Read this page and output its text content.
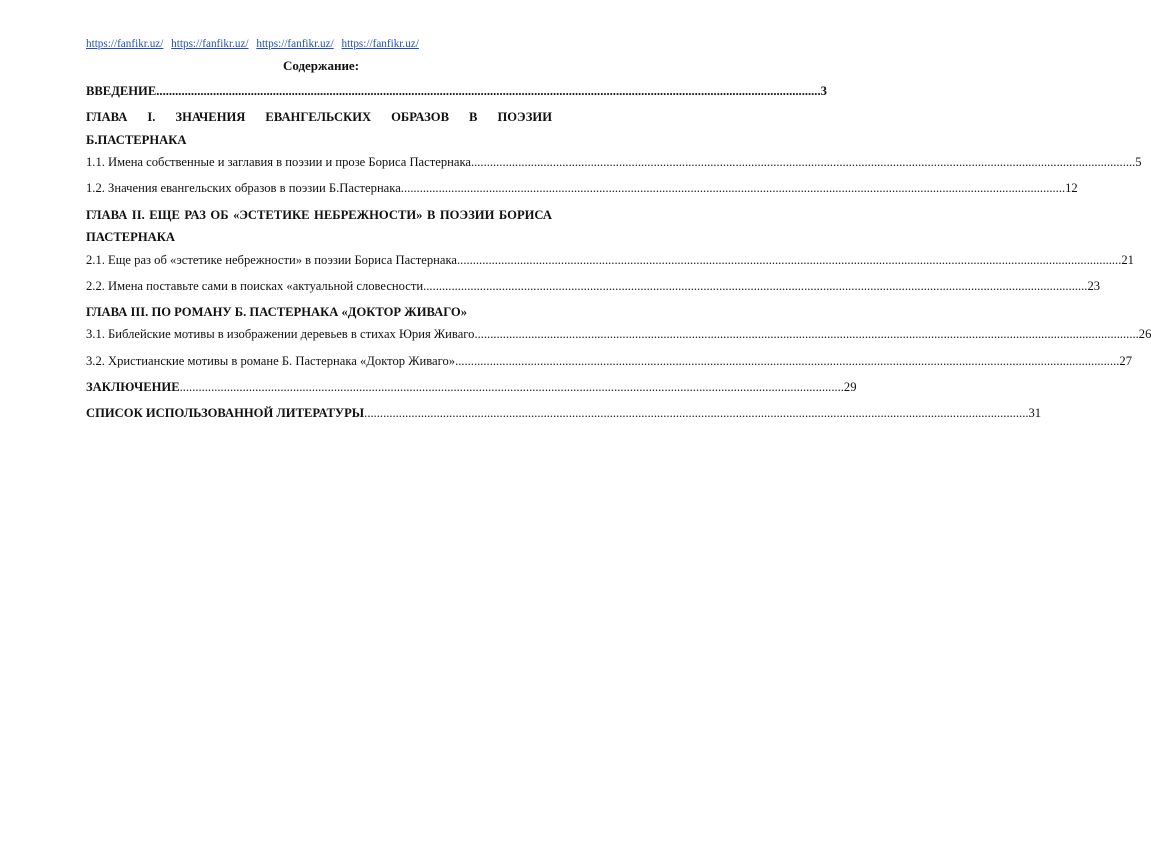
https://fanfikr.uz/ https://fanfikr.uz/ https://fanfikr.uz/ https://fanfikr.uz/
Содержание:
ВВЕДЕНИЕ .....	3
ГЛАВА I. ЗНАЧЕНИЯ ЕВАНГЕЛЬСКИХ ОБРАЗОВ В ПОЭЗИИ Б.ПАСТЕРНАКА
1.1. Имена собственные и заглавия в поэзии и прозе Бориса Пастернака .....	5
1.2. Значения евангельских образов в поэзии Б.Пастернака .....	12
ГЛАВА II. ЕЩЕ РАЗ ОБ «ЭСТЕТИКЕ НЕБРЕЖНОСТИ» В ПОЭЗИИ БОРИСА ПАСТЕРНАКА
2.1. Еще раз об «эстетике небрежности» в поэзии Бориса Пастернака .....	21
2.2. Имена поставьте сами в поисках «актуальной словесности .....	23
ГЛАВА III. ПО РОМАНУ Б. ПАСТЕРНАКА «ДОКТОР ЖИВАГО»
3.1. Библейские мотивы в изображении деревьев в стихах Юрия Живаго .....	26
3.2. Христианские мотивы в романе Б. Пастернака «Доктор Живаго» .....	27
ЗАКЛЮЧЕНИЕ .....	29
СПИСОК ИСПОЛЬЗОВАННОЙ ЛИТЕРАТУРЫ .....	31
